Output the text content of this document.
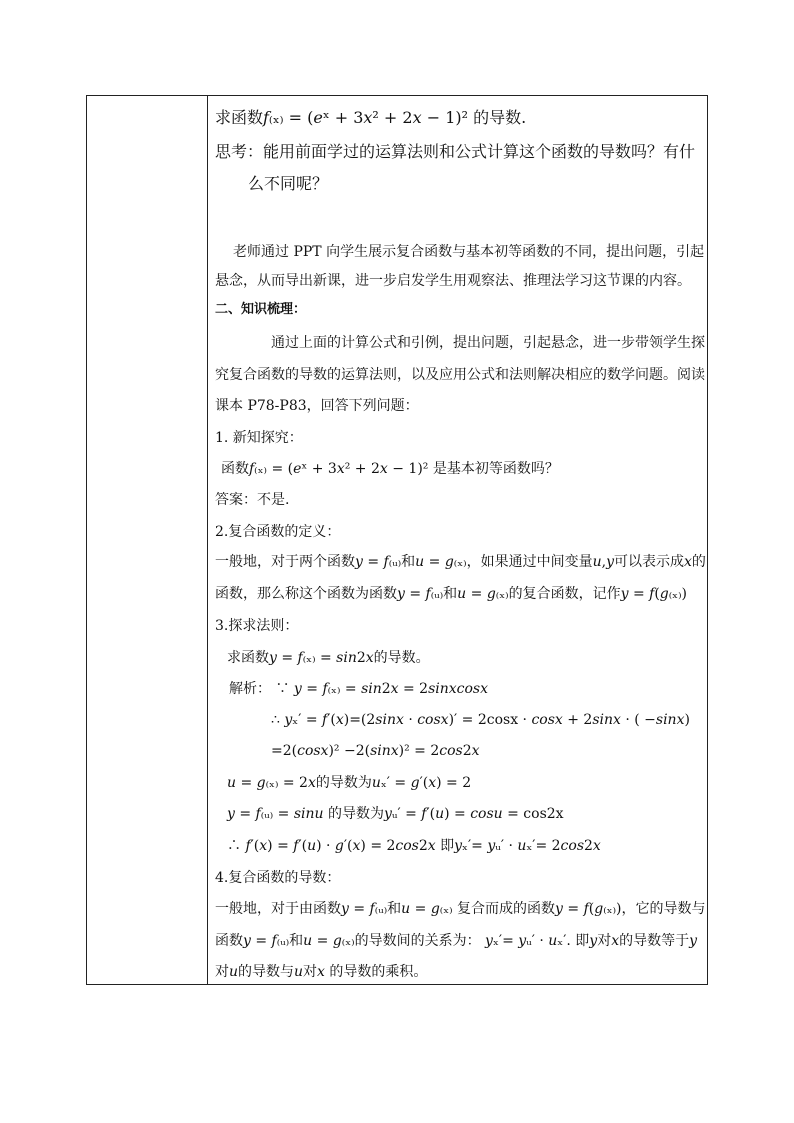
求函数𝑓₍ₓ₎ = (𝑒ˣ + 3𝑥² + 2𝑥 − 1)² 的导数.
思考：能用前面学过的运算法则和公式计算这个函数的导数吗？有什
么不同呢？
老师通过 PPT 向学生展示复合函数与基本初等函数的不同，提出问题，引起
悬念，从而导出新课，进一步启发学生用观察法、推理法学习这节课的内容。
二、知识梳理：
通过上面的计算公式和引例，提出问题，引起悬念，进一步带领学生探
究复合函数的导数的运算法则，以及应用公式和法则解决相应的数学问题。阅读
课本 P78-P83，回答下列问题：
1. 新知探究：
函数𝑓₍ₓ₎ = (𝑒ˣ + 3𝑥² + 2𝑥 − 1)² 是基本初等函数吗？
答案：不是.
2.复合函数的定义：
一般地，对于两个函数𝑦 = 𝑓₍ᵤ₎和𝑢 = 𝑔₍ₓ₎，如果通过中间变量𝑢,𝑦可以表示成𝑥的
函数，那么称这个函数为函数𝑦 = 𝑓₍ᵤ₎和𝑢 = 𝑔₍ₓ₎的复合函数，记作𝑦 = 𝑓(𝑔₍ₓ₎)
3.探求法则：
求函数𝑦 = 𝑓₍ₓ₎ = 𝑠𝑖𝑛2𝑥的导数。
解析： ∵ 𝑦 = 𝑓₍ₓ₎ = 𝑠𝑖𝑛2𝑥 = 2𝑠𝑖𝑛𝑥𝑐𝑜𝑠𝑥
∴ 𝑦ₓ′ = 𝑓′(𝑥)=(2𝑠𝑖𝑛𝑥 · 𝑐𝑜𝑠𝑥)′ = 2cosx · 𝑐𝑜𝑠𝑥 + 2𝑠𝑖𝑛𝑥 · ( −𝑠𝑖𝑛𝑥)
=2(𝑐𝑜𝑠𝑥)² −2(𝑠𝑖𝑛𝑥)² = 2𝑐𝑜𝑠2𝑥
𝑢 = 𝑔₍ₓ₎ = 2𝑥的导数为𝑢ₓ′ = 𝑔′(𝑥) = 2
𝑦 = 𝑓₍ᵤ₎ = 𝑠𝑖𝑛𝑢 的导数为𝑦ᵤ′ = 𝑓′(𝑢) = 𝑐𝑜𝑠𝑢 = cos2x
∴ 𝑓′(𝑥) = 𝑓′(𝑢) · 𝑔′(𝑥) = 2𝑐𝑜𝑠2𝑥 即𝑦ₓ′= 𝑦ᵤ′ · 𝑢ₓ′= 2𝑐𝑜𝑠2𝑥
4.复合函数的导数：
一般地，对于由函数𝑦 = 𝑓₍ᵤ₎和𝑢 = 𝑔₍ₓ₎ 复合而成的函数𝑦 = 𝑓(𝑔₍ₓ₎)，它的导数与
函数𝑦 = 𝑓₍ᵤ₎和𝑢 = 𝑔₍ₓ₎的导数间的关系为： 𝑦ₓ′= 𝑦ᵤ′ · 𝑢ₓ′. 即𝑦对𝑥的导数等于𝑦
对𝑢的导数与𝑢对𝑥 的导数的乘积。
